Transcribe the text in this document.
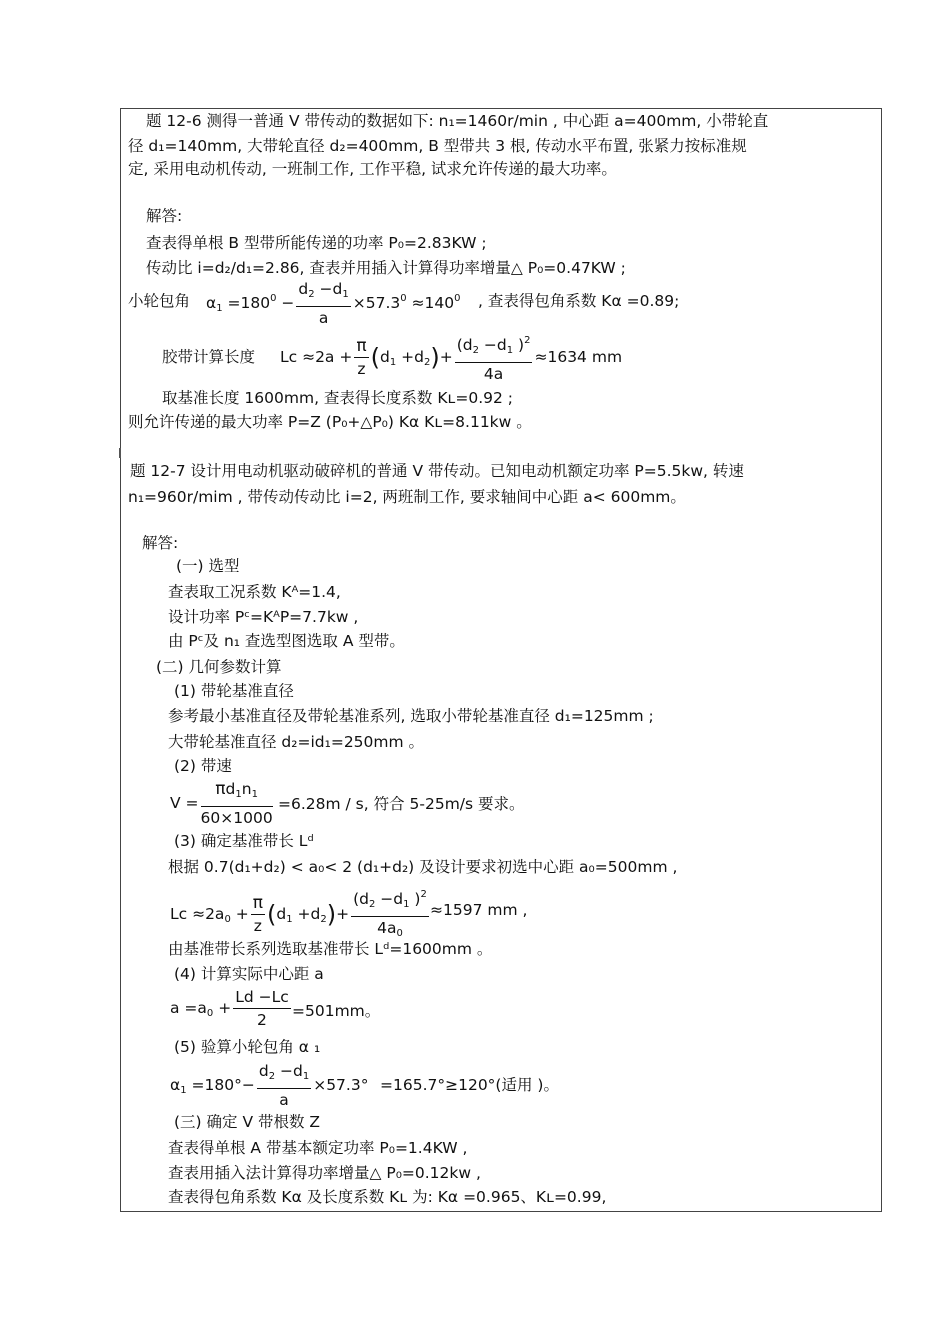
题 12-6 测得一普通 V 带传动的数据如下: n₁=1460r/min , 中心距 a=400mm, 小带轮直
径 d₁=140mm, 大带轮直径 d₂=400mm, B 型带共 3 根, 传动水平布置, 张紧力按标准规
定, 采用电动机传动, 一班制工作, 工作平稳, 试求允许传递的最大功率。
解答:
查表得单根 B 型带所能传递的功率 P₀=2.83KW ;
传动比 i=d₂/d₁=2.86, 查表并用插入计算得功率增量△ P₀=0.47KW ;
小轮包角 $\alpha_1 =180^0 - \frac{d_2 -d_1}{a} \times 57.3^0 \approx 140^0$ , 查表得包角系数 Kα =0.89;
胶带计算长度 $Lc \approx 2a + \frac{\pi}{z} (d_1 +d_2)+ \frac{(d_2 -d_1 )^2}{4a} \approx 1634$ mm
取基准长度 1600mm, 查表得长度系数 Kʟ=0.92 ;
则允许传递的最大功率 P=Z (P₀+△P₀) Kα Kʟ=8.11kw 。
题 12-7 设计用电动机驱动破碎机的普通 V 带传动。已知电动机额定功率 P=5.5kw, 转速
n₁=960r/mim , 带传动传动比 i=2, 两班制工作, 要求轴间中心距 a< 600mm。
解答:
(一) 选型
查表取工况系数 Kᴬ=1.4,
设计功率 Pᶜ=KᴬP=7.7kw ,
由 Pᶜ及 n₁ 查选型图选取 A 型带。
(二) 几何参数计算
(1) 带轮基准直径
参考最小基准直径及带轮基准系列, 选取小带轮基准直径 d₁=125mm ;
大带轮基准直径 d₂=id₁=250mm 。
(2) 带速
$V = \frac{\pi d_1n_1}{60\times 1000} =6.28m / s$, 符合 5-25m/s 要求。
(3) 确定基准带长 Lᵈ
根据 0.7(d₁+d₂) < a₀< 2 (d₁+d₂) 及设计要求初选中心距 a₀=500mm ,
$Lc \approx 2a_0 + \frac{\pi}{z} (d_1 +d_2)+ \frac{(d_2 -d_1 )^2}{4a_0} \approx 1597$ mm ,
由基准带长系列选取基准带长 Lᵈ=1600mm 。
(4) 计算实际中心距 a
$a =a_0 + \frac{Ld -Lc}{2} =501mm$。
(5) 验算小轮包角 α ₁
$\alpha_1 =180^\circ- \frac{d_2 -d_1}{a} \times 57.3^\circ =165.7^\circ\ge 120^\circ$(适用 )。
(三) 确定 V 带根数 Z
查表得单根 A 带基本额定功率 P₀=1.4KW ,
查表用插入法计算得功率增量△ P₀=0.12kw ,
查表得包角系数 Kα 及长度系数 Kʟ 为: Kα =0.965、Kʟ=0.99,
